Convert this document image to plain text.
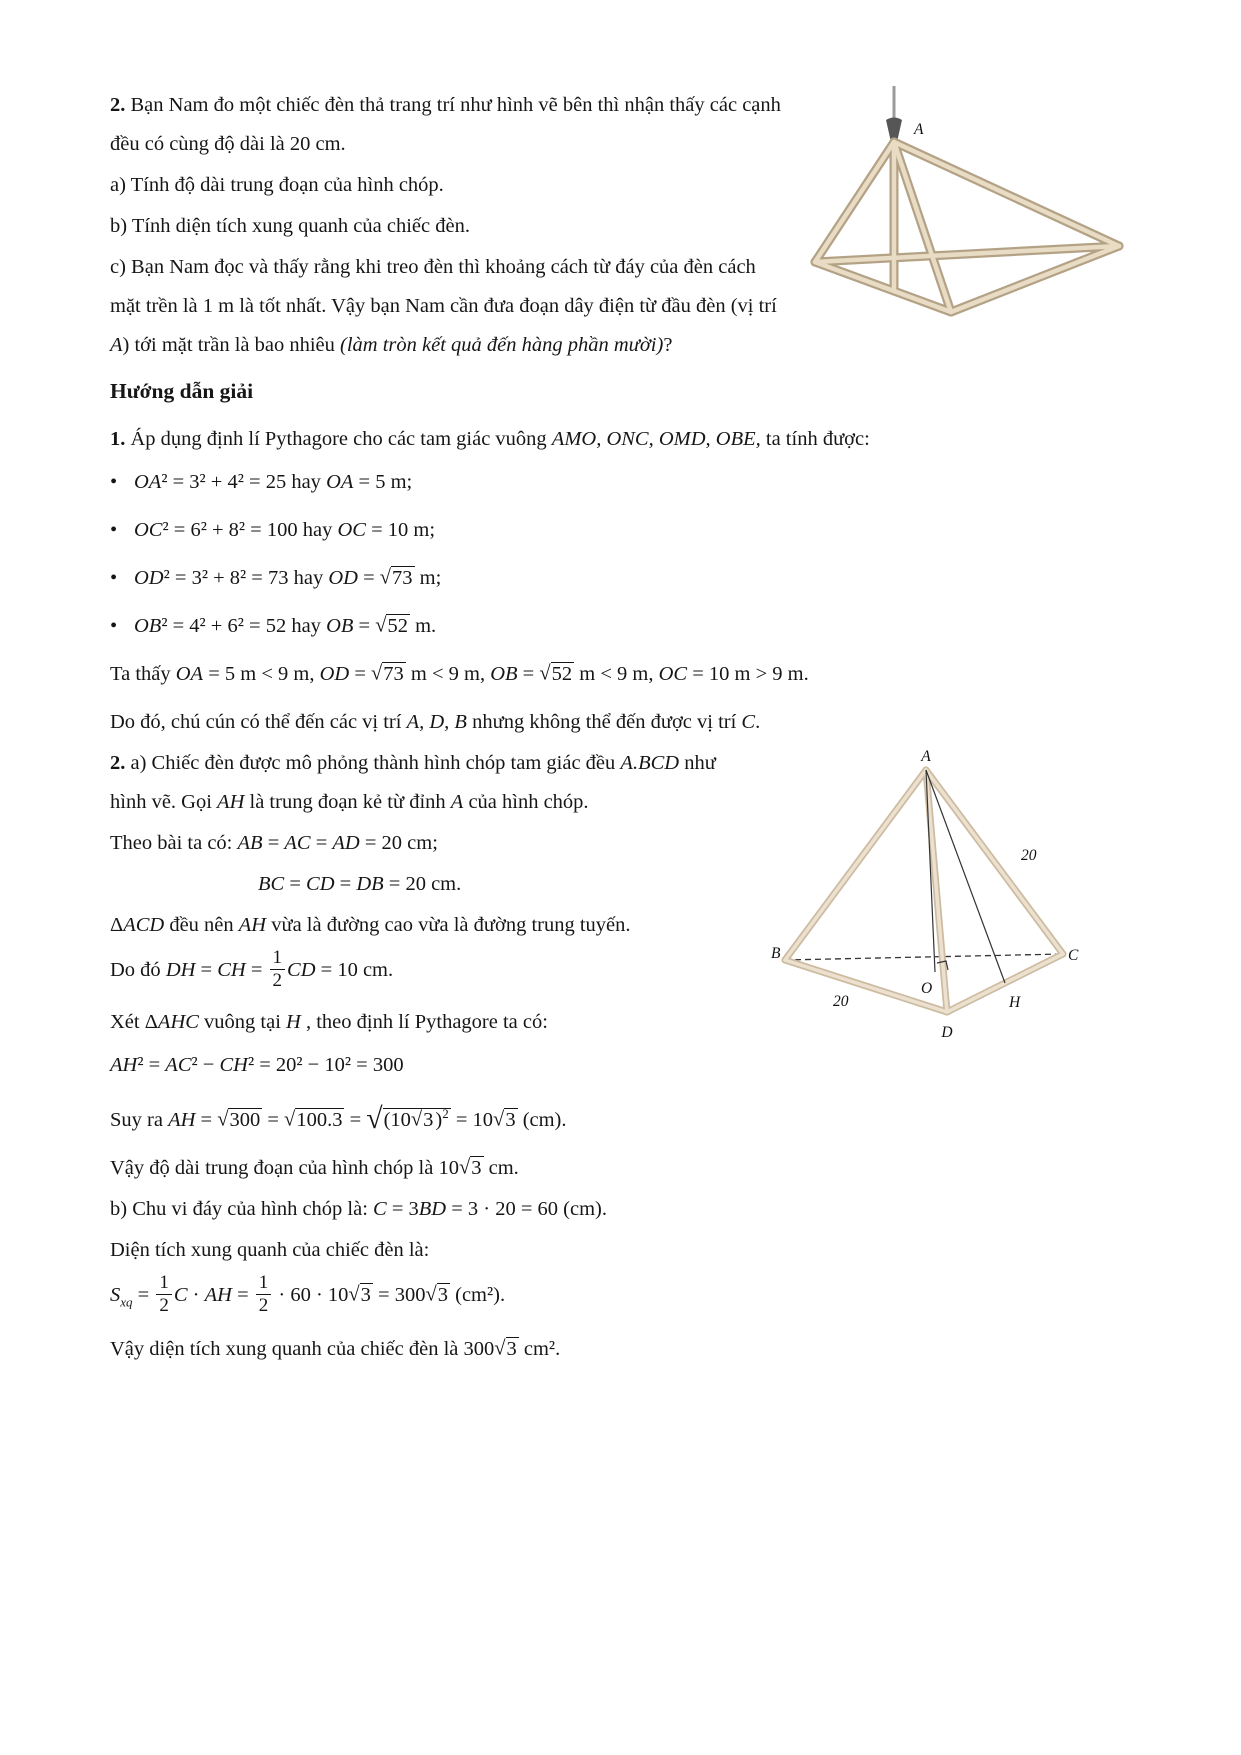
A

2. Bạn Nam đo một chiếc đèn thả trang trí như hình vẽ bên thì nhận thấy các cạnh đều có cùng độ dài là 20 cm.

a) Tính độ dài trung đoạn của hình chóp.

b) Tính diện tích xung quanh của chiếc đèn.

c) Bạn Nam đọc và thấy rằng khi treo đèn thì khoảng cách từ đáy của đèn cách mặt trền là 1 m là tốt nhất. Vậy bạn Nam cần đưa đoạn dây điện từ đầu đèn (vị trí A) tới mặt trần là bao nhiêu (làm tròn kết quả đến hàng phần mười)?

Hướng dẫn giải

1. Áp dụng định lí Pythagore cho các tam giác vuông AMO, ONC, OMD, OBE, ta tính được:

• OA² = 3² + 4² = 25 hay OA = 5 m;

• OC² = 6² + 8² = 100 hay OC = 10 m;

• OD² = 3² + 8² = 73 hay OD = √73 m;

• OB² = 4² + 6² = 52 hay OB = √52 m.

Ta thấy OA = 5 m < 9 m, OD = √73 m < 9 m, OB = √52 m < 9 m, OC = 10 m > 9 m.

Do đó, chú cún có thể đến các vị trí A, D, B nhưng không thể đến được vị trí C.

A
20
B	C
O
H
20
D

2. a) Chiếc đèn được mô phỏng thành hình chóp tam giác đều A.BCD như hình vẽ. Gọi AH là trung đoạn kẻ từ đỉnh A của hình chóp.

Theo bài ta có: AB = AC = AD = 20 cm;

BC = CD = DB = 20 cm.

ΔACD đều nên AH vừa là đường cao vừa là đường trung tuyến.

Do đó DH = CH = $\frac{1}{2}$ CD = 10 cm.

Xét ΔAHC vuông tại H , theo định lí Pythagore ta có:

AH² = AC² − CH² = 20² − 10² = 300

Suy ra AH = $√300 = √100.3 = √(10√3)^2 = 10√3$ (cm).

Vậy độ dài trung đoạn của hình chóp là 10√3 cm.

b) Chu vi đáy của hình chóp là: C = 3BD = 3 · 20 = 60 (cm).

Diện tích xung quanh của chiếc đèn là:

$S_{xq} = \frac{1}{2}$ C · AH = $\frac{1}{2} \cdot 60 \cdot 10√3 = 300√3$ (cm²).

Vậy diện tích xung quanh của chiếc đèn là 300√3 cm².
